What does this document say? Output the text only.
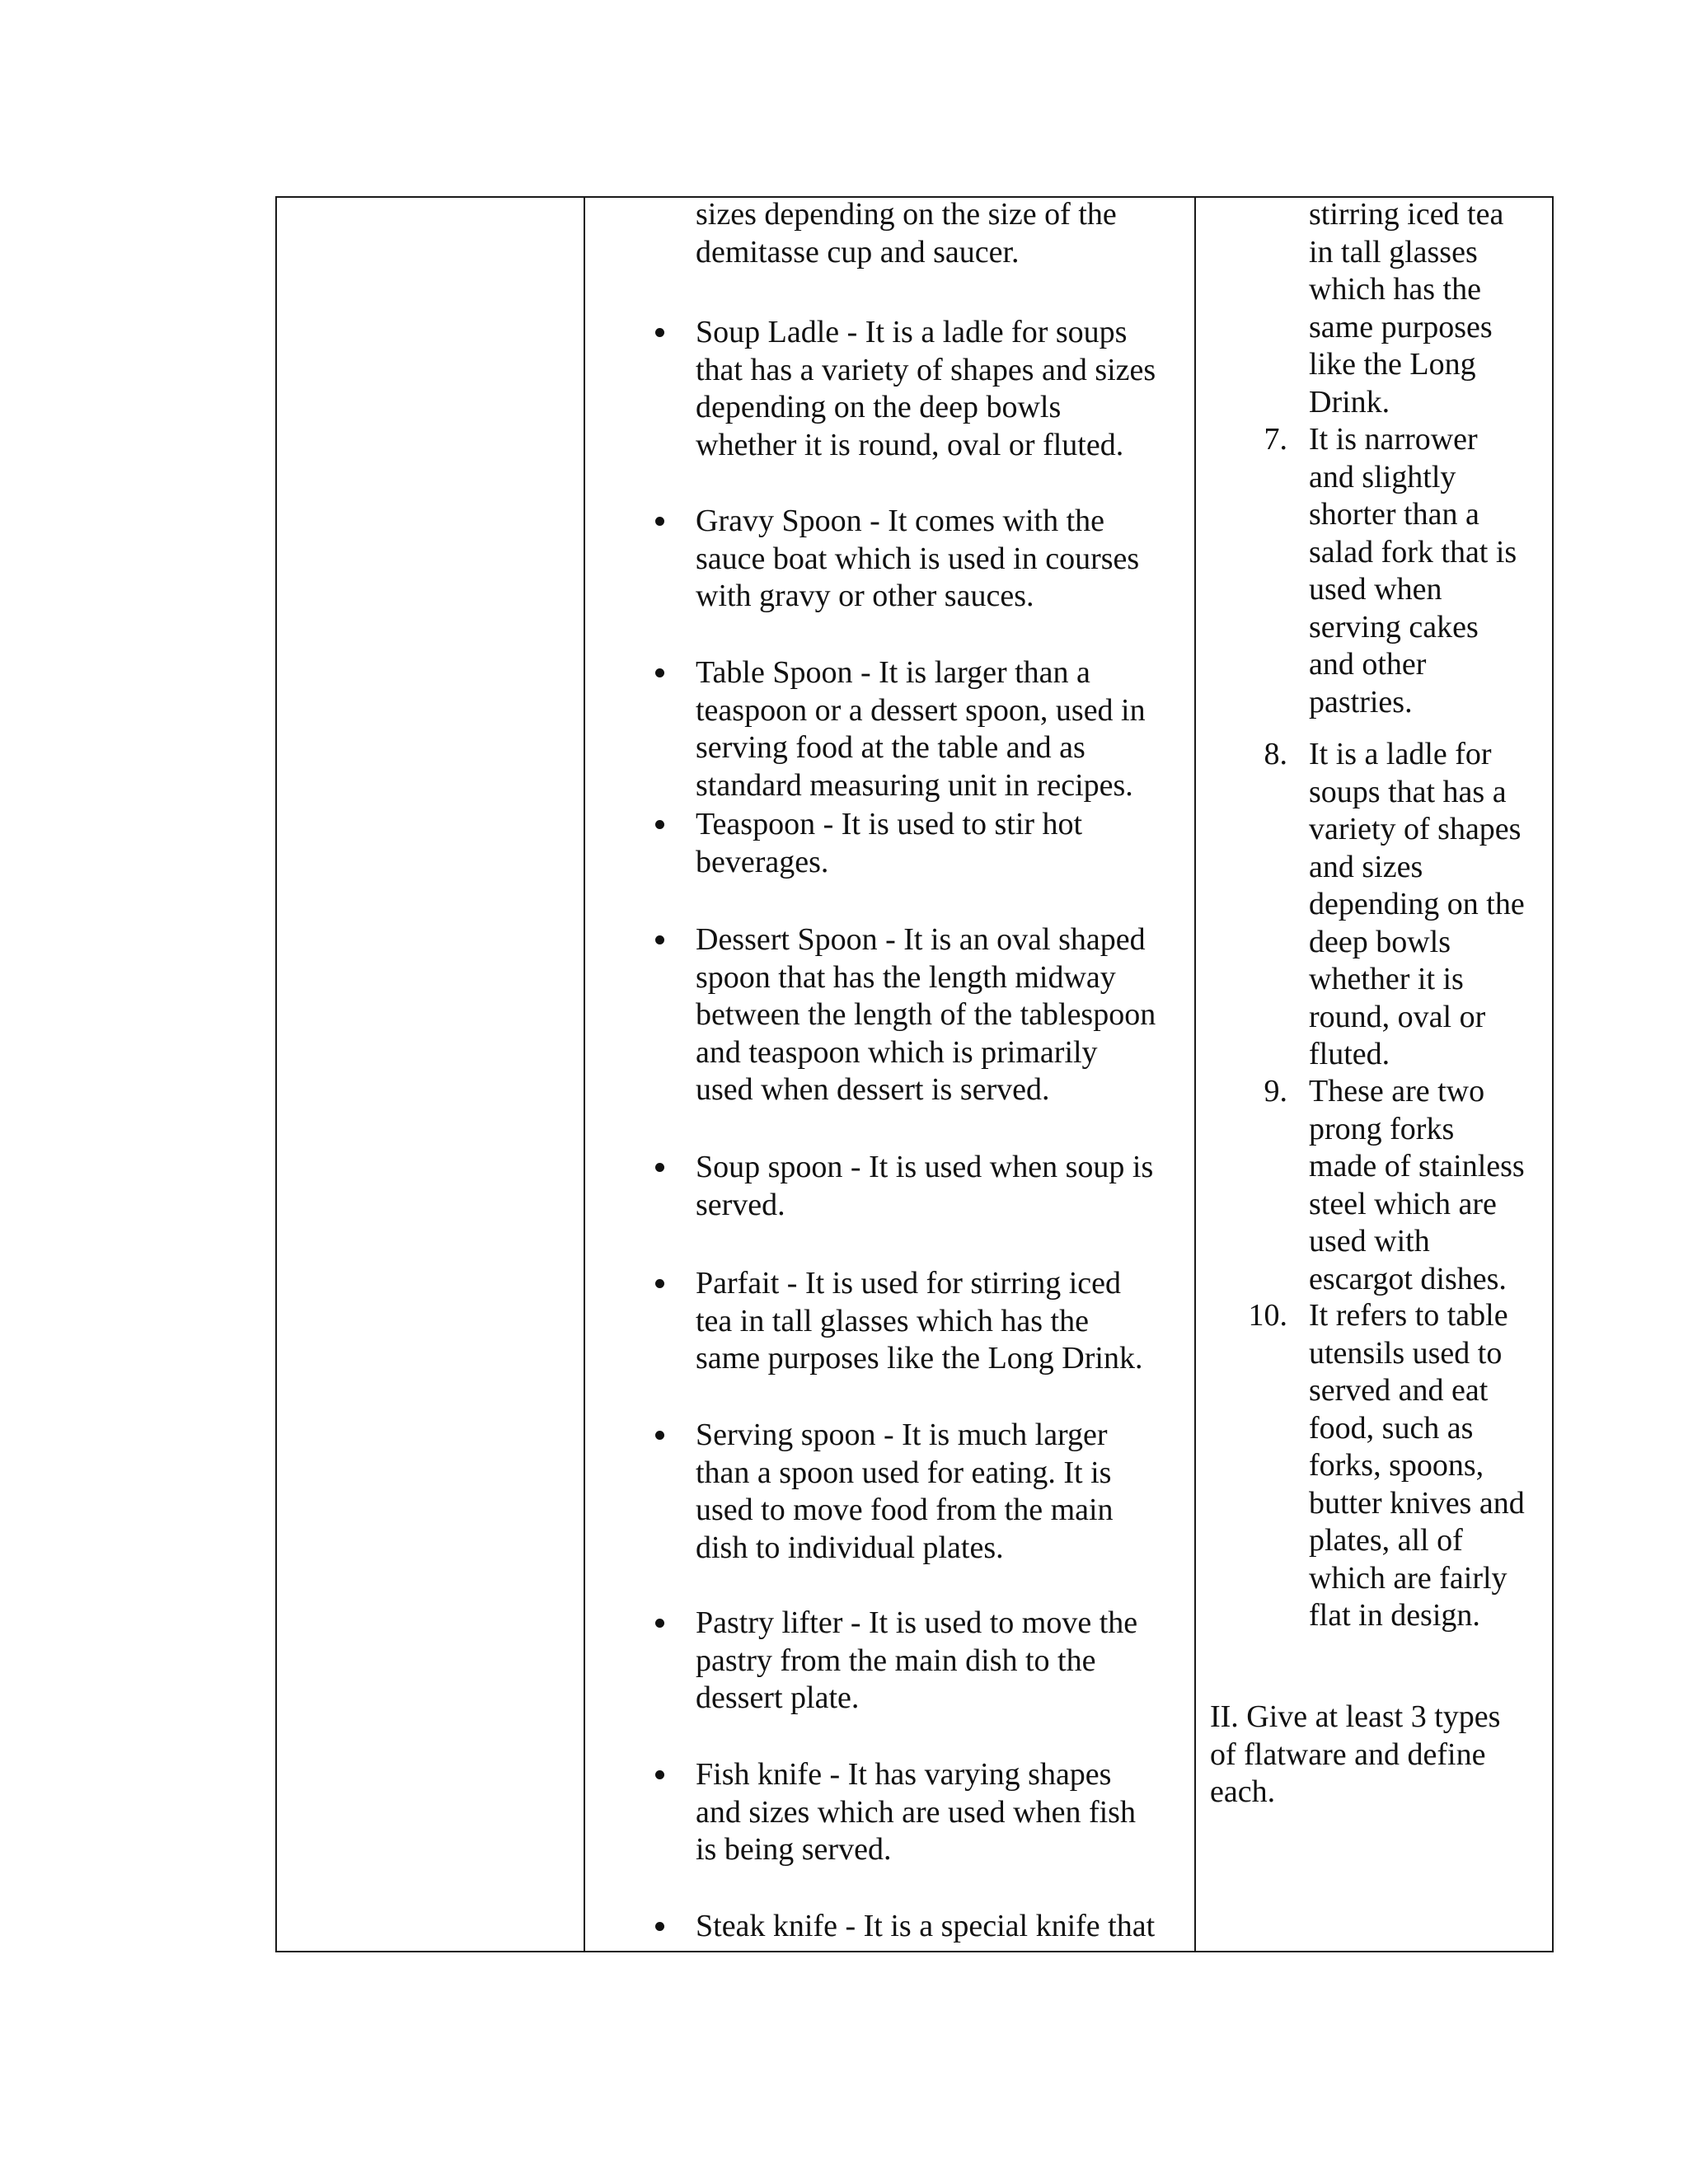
sizes depending on the size of the
demitasse cup and saucer.
Soup Ladle - It is a ladle for soups
that has a variety of shapes and sizes
depending on the deep bowls
whether it is round, oval or fluted.
Gravy Spoon - It comes with the
sauce boat which is used in courses
with gravy or other sauces.
Table Spoon - It is larger than a
teaspoon or a dessert spoon, used in
serving food at the table and as
standard measuring unit in recipes.
Teaspoon - It is used to stir hot
beverages.
Dessert Spoon - It is an oval shaped
spoon that has the length midway
between the length of the tablespoon
and teaspoon which is primarily
used when dessert is served.
Soup spoon - It is used when soup is
served.
Parfait - It is used for stirring iced
tea in tall glasses which has the
same purposes like the Long Drink.
Serving spoon - It is much larger
than a spoon used for eating. It is
used to move food from the main
dish to individual plates.
Pastry lifter - It is used to move the
pastry from the main dish to the
dessert plate.
Fish knife - It has varying shapes
and sizes which are used when fish
is being served.
Steak knife - It is a special knife that
stirring iced tea
in tall glasses
which has the
same purposes
like the Long
Drink.
7. It is narrower
and slightly
shorter than a
salad fork that is
used when
serving cakes
and other
pastries.
8. It is a ladle for
soups that has a
variety of shapes
and sizes
depending on the
deep bowls
whether it is
round, oval or
fluted.
9. These are two
prong forks
made of stainless
steel which are
used with
escargot dishes.
10. It refers to table
utensils used to
served and eat
food, such as
forks, spoons,
butter knives and
plates, all of
which are fairly
flat in design.
II. Give at least 3 types
of flatware and define
each.
